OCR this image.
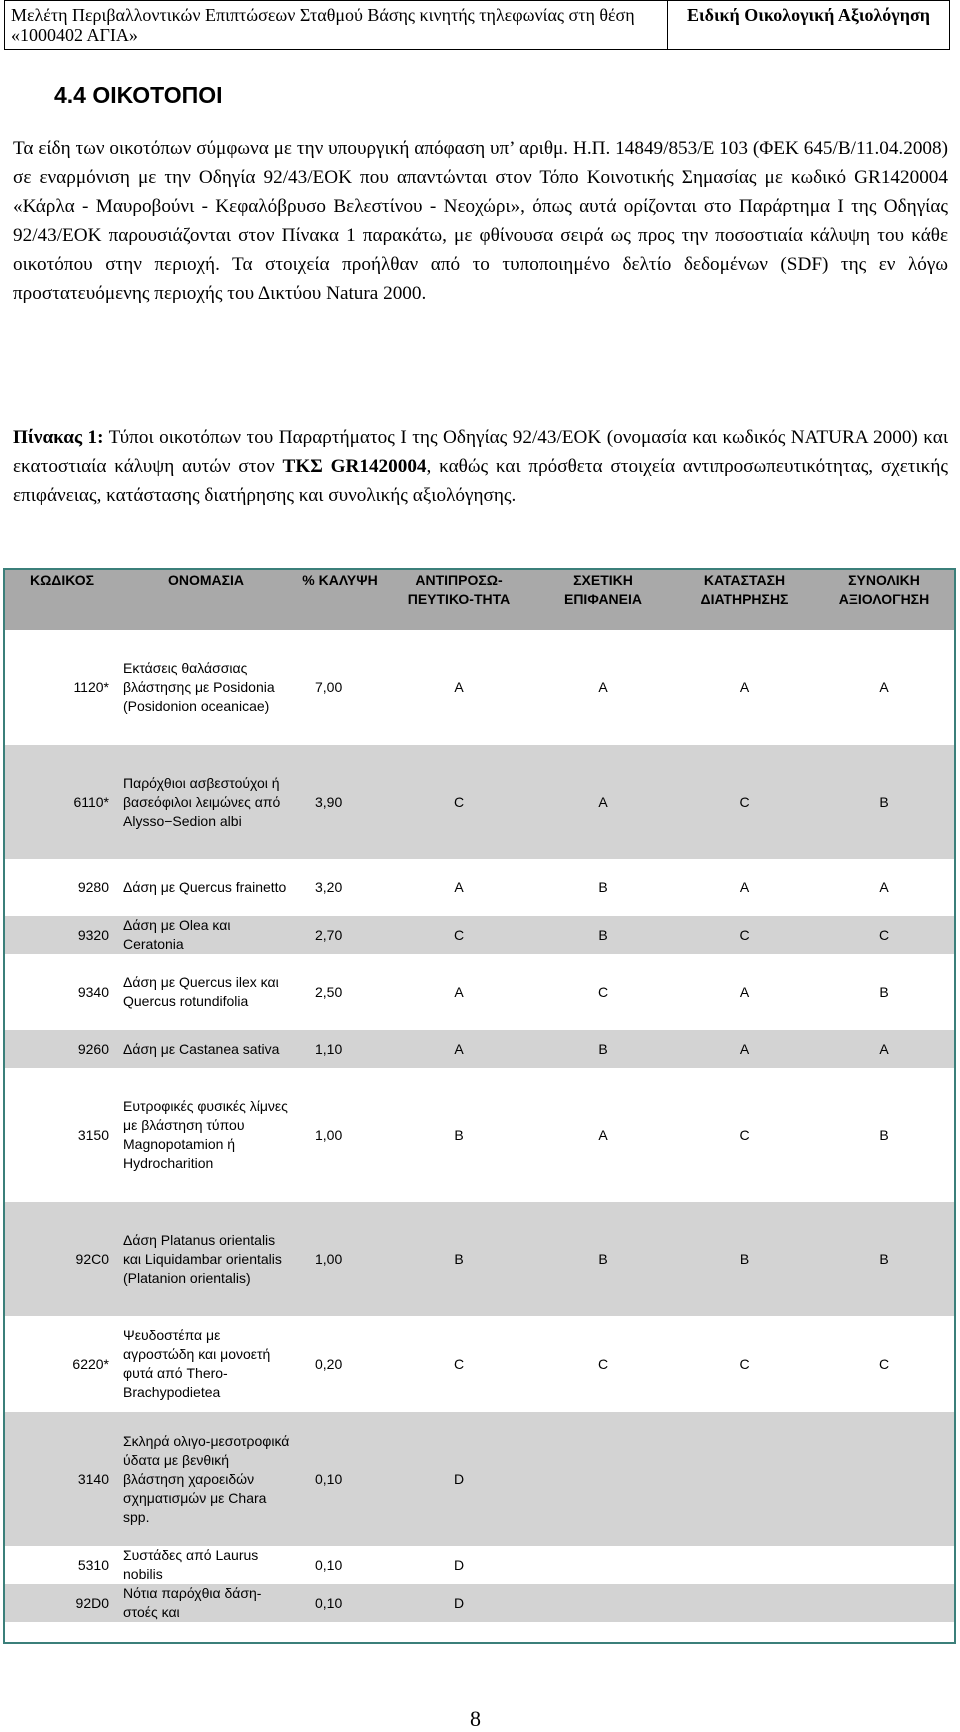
Μελέτη Περιβαλλοντικών Επιπτώσεων Σταθμού Βάσης κινητής τηλεφωνίας στη θέση «1000402 ΑΓΙΑ»
Ειδική Οικολογική Αξιολόγηση
4.4 ΟΙΚΟΤΟΠΟΙ

Τα είδη των οικοτόπων σύμφωνα με την υπουργική απόφαση υπ’ αριθμ. Η.Π. 14849/853/Ε 103 (ΦΕΚ 645/Β/11.04.2008) σε εναρμόνιση με την Οδηγία 92/43/ΕΟΚ που απαντώνται στον Τόπο Κοινοτικής Σημασίας με κωδικό GR1420004 «Κάρλα - Μαυροβούνι - Κεφαλόβρυσο Βελεστίνου - Νεοχώρι», όπως αυτά ορίζονται στο Παράρτημα Ι της Οδηγίας 92/43/ΕΟΚ παρουσιάζονται στον Πίνακα 1 παρακάτω, με φθίνουσα σειρά ως προς την ποσοστιαία κάλυψη του κάθε οικοτόπου στην περιοχή. Τα στοιχεία προήλθαν από το τυποποιημένο δελτίο δεδομένων (SDF) της εν λόγω προστατευόμενης περιοχής του Δικτύου Natura 2000.

Πίνακας 1: Τύποι οικοτόπων του Παραρτήματος Ι της Οδηγίας 92/43/ΕΟΚ (ονομασία και κωδικός NATURA 2000) και εκατοστιαία κάλυψη αυτών στον ΤΚΣ GR1420004, καθώς και πρόσθετα στοιχεία αντιπροσωπευτικότητας, σχετικής επιφάνειας, κατάστασης διατήρησης και συνολικής αξιολόγησης.

ΚΩΔΙΚΟΣ	ΟΝΟΜΑΣΙΑ	% ΚΑΛΥΨΗ	ΑΝΤΙΠΡΟΣΩ-ΠΕΥΤΙΚΟ-ΤΗΤΑ	ΣΧΕΤΙΚΗ ΕΠΙΦΑΝΕΙΑ	ΚΑΤΑΣΤΑΣΗ ΔΙΑΤΗΡΗΣΗΣ	ΣΥΝΟΛΙΚΗ ΑΞΙΟΛΟΓΗΣΗ
1120*	Εκτάσεις θαλάσσιας βλάστησης με Posidonia (Posidonion oceanicae)	7,00	A	A	A	A
6110*	Παρόχθιοι ασβεστούχοι ή βασεόφιλοι λειμώνες από Alysso−Sedion albi	3,90	C	A	C	B
9280	Δάση με Quercus frainetto	3,20	A	B	A	A
9320	Δάση με Olea και Ceratonia	2,70	C	B	C	C
9340	Δάση με Quercus ilex και Quercus rotundifolia	2,50	A	C	A	B
9260	Δάση με Castanea sativa	1,10	A	B	A	A
3150	Ευτροφικές φυσικές λίμνες με βλάστηση τύπου Magnopotamion ή Hydrocharition	1,00	B	A	C	B
92C0	Δάση Platanus orientalis και Liquidambar orientalis (Platanion orientalis)	1,00	B	B	B	B
6220*	Ψευδοστέπα με αγροστώδη και μονοετή φυτά από Thero-Brachypodietea	0,20	C	C	C	C
3140	Σκληρά ολιγο-μεσοτροφικά ύδατα με βενθική βλάστηση χαροειδών σχηματισμών με Chara spp.	0,10	D			
5310	Συστάδες από Laurus nobilis	0,10	D			
92D0	Νότια παρόχθια δάση-στοές και	0,10	D			
8
